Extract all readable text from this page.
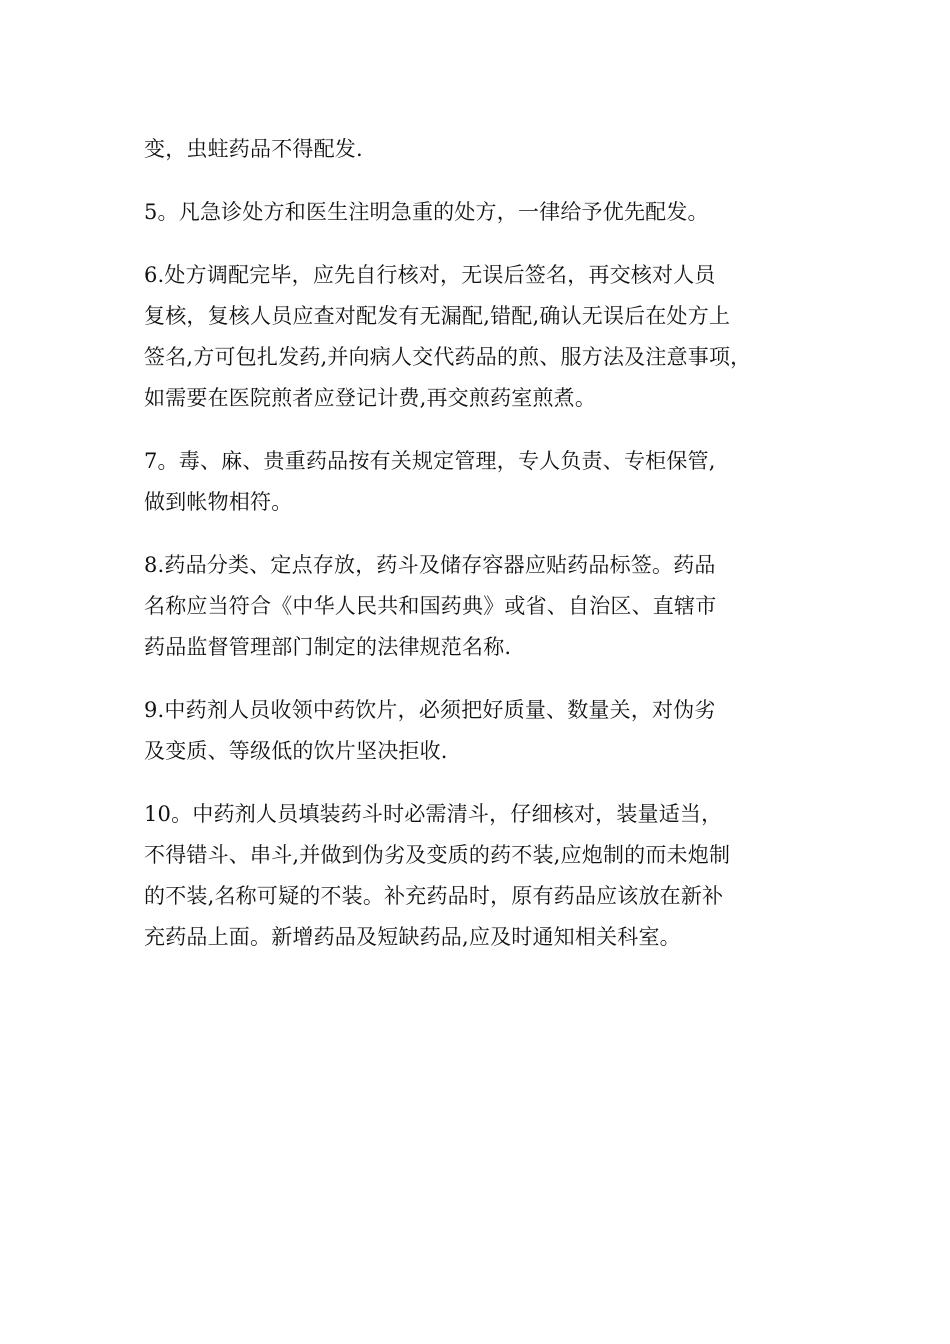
变，虫蛀药品不得配发.
5。凡急诊处方和医生注明急重的处方，一律给予优先配发。
6.处方调配完毕，应先自行核对，无误后签名，再交核对人员
复核，复核人员应查对配发有无漏配,错配,确认无误后在处方上
签名,方可包扎发药,并向病人交代药品的煎、服方法及注意事项，
如需要在医院煎者应登记计费,再交煎药室煎煮。
7。毒、麻、贵重药品按有关规定管理，专人负责、专柜保管,
做到帐物相符。
8.药品分类、定点存放，药斗及储存容器应贴药品标签。药品
名称应当符合《中华人民共和国药典》或省、自治区、直辖市
药品监督管理部门制定的法律规范名称.
9.中药剂人员收领中药饮片，必须把好质量、数量关，对伪劣
及变质、等级低的饮片坚决拒收.
10。中药剂人员填装药斗时必需清斗，仔细核对，装量适当，
不得错斗、串斗,并做到伪劣及变质的药不装,应炮制的而未炮制
的不装,名称可疑的不装。补充药品时，原有药品应该放在新补
充药品上面。新增药品及短缺药品,应及时通知相关科室。
